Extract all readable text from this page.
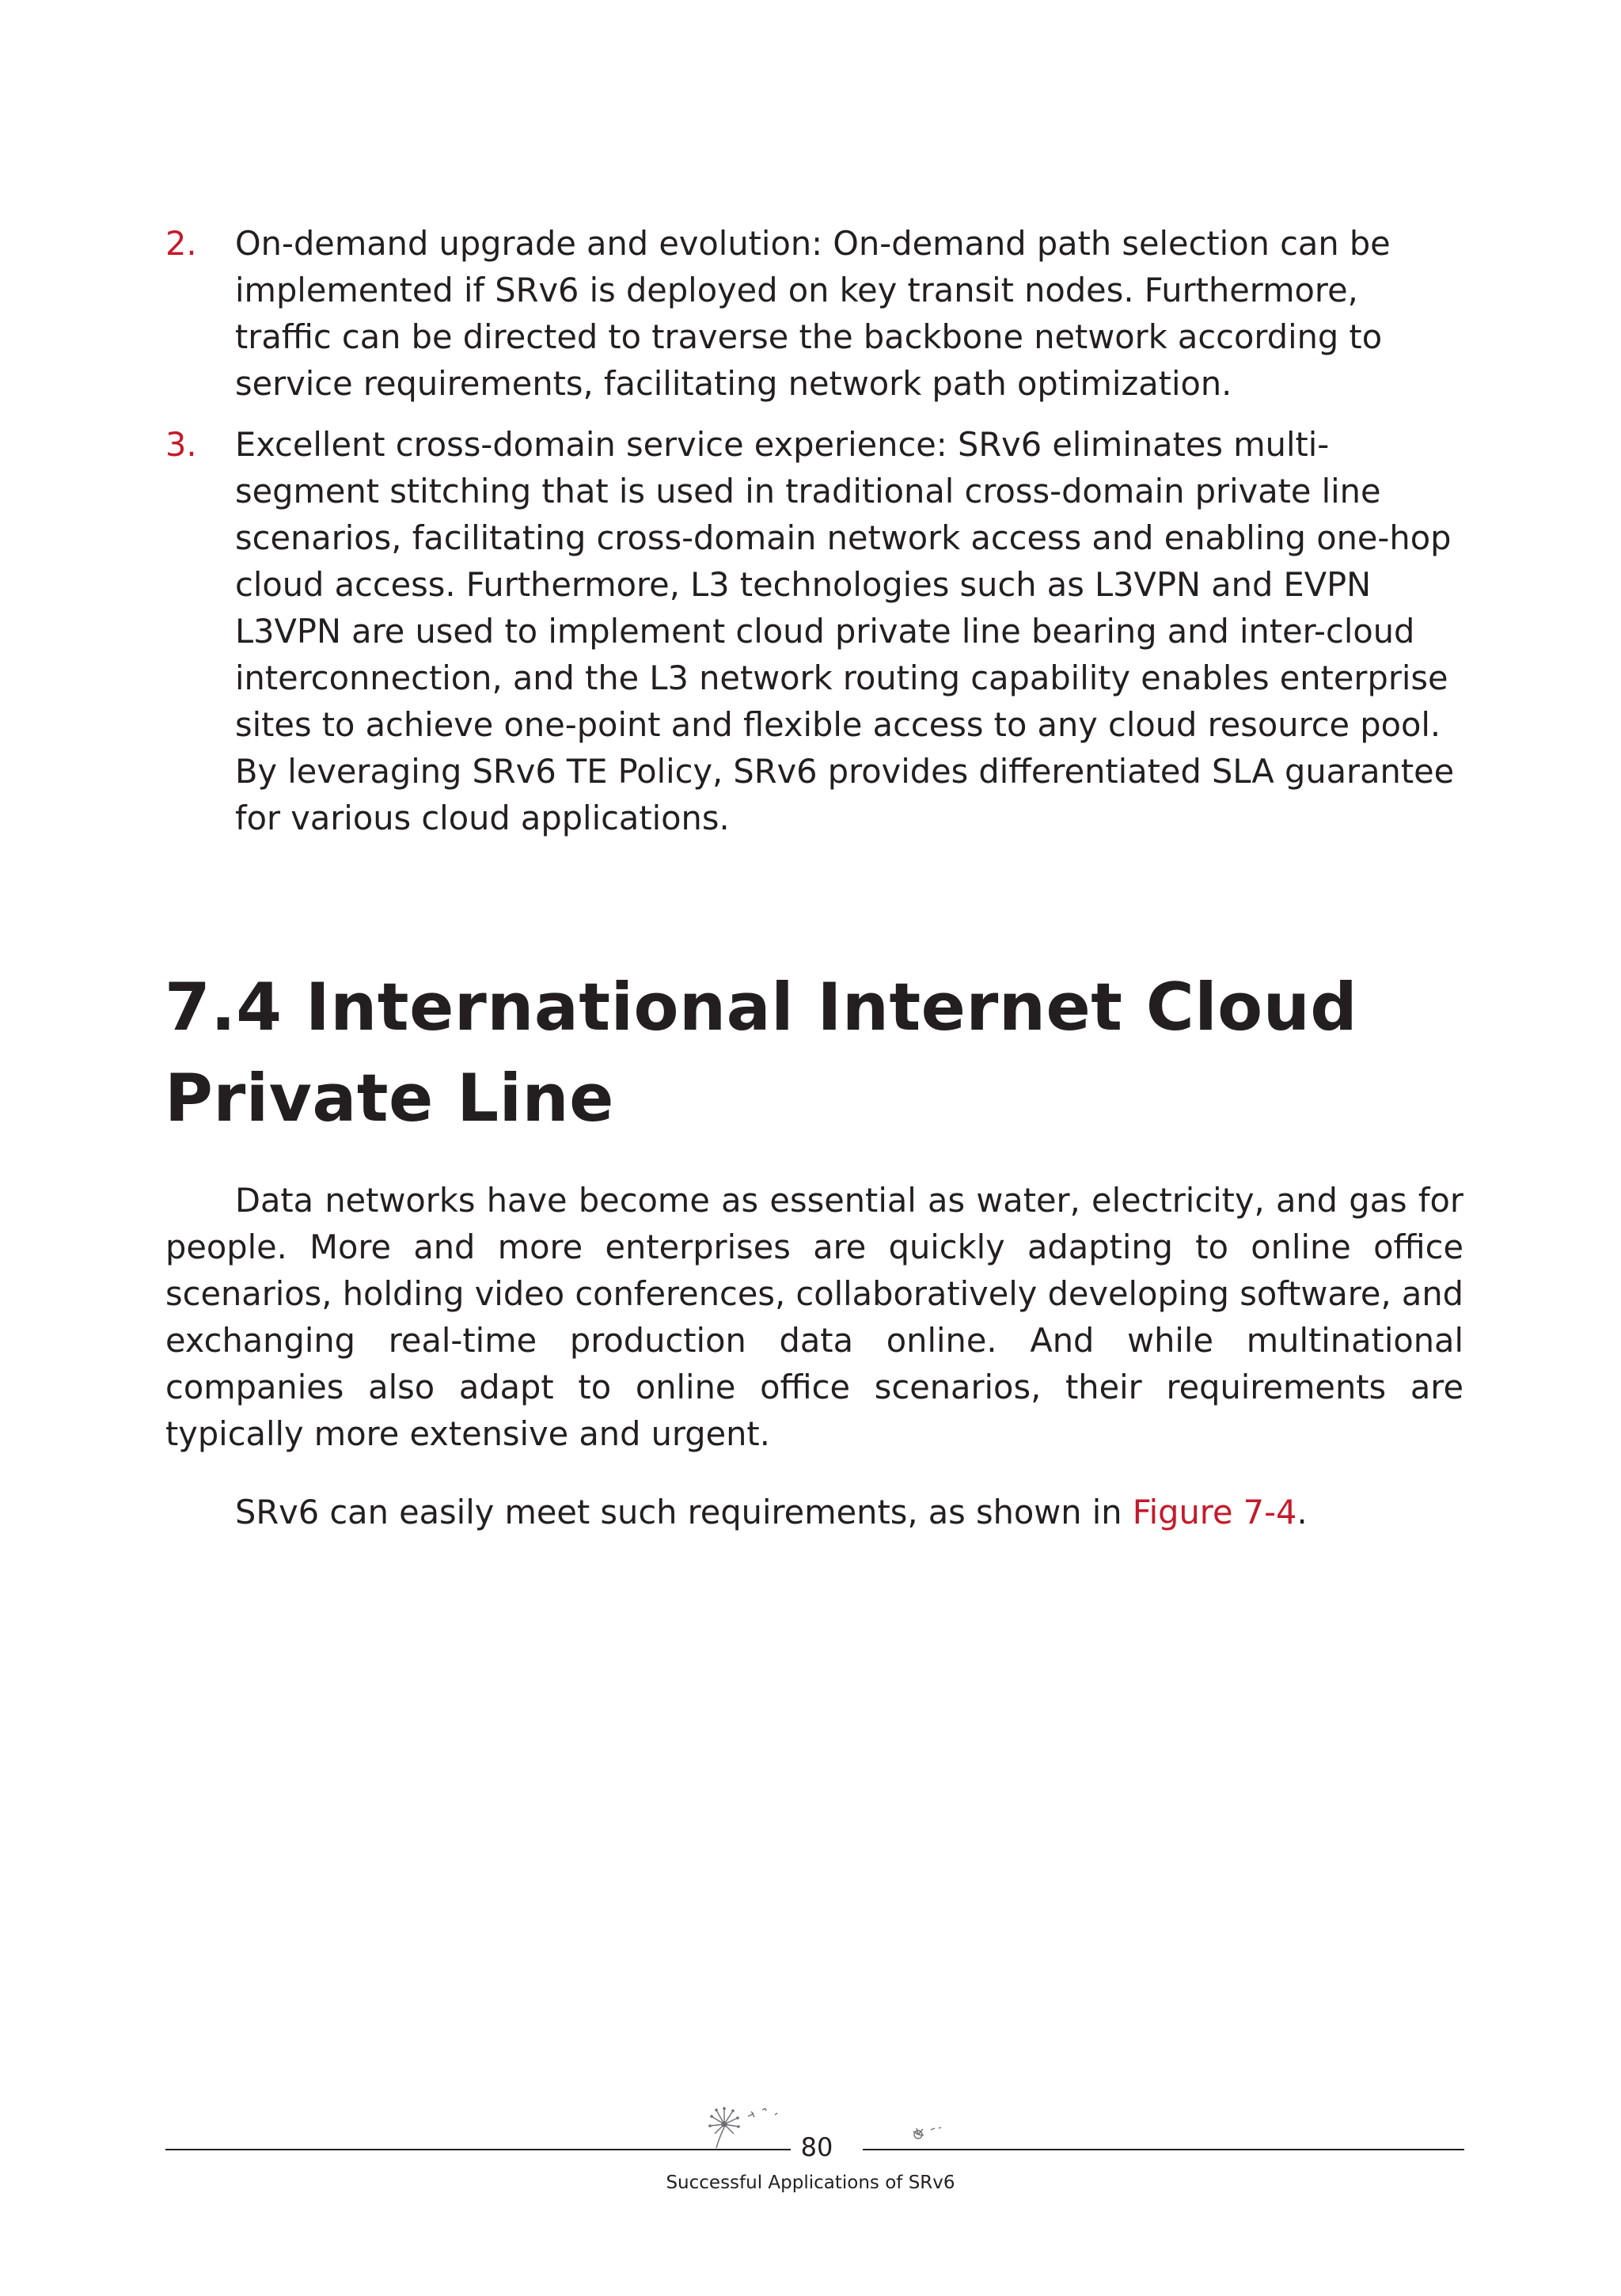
2. On-demand upgrade and evolution: On-demand path selection can be implemented if SRv6 is deployed on key transit nodes. Furthermore, traffic can be directed to traverse the backbone network according to service requirements, facilitating network path optimization.
3. Excellent cross-domain service experience: SRv6 eliminates multi-segment stitching that is used in traditional cross-domain private line scenarios, facilitating cross-domain network access and enabling one-hop cloud access. Furthermore, L3 technologies such as L3VPN and EVPN L3VPN are used to implement cloud private line bearing and inter-cloud interconnection, and the L3 network routing capability enables enterprise sites to achieve one-point and flexible access to any cloud resource pool. By leveraging SRv6 TE Policy, SRv6 provides differentiated SLA guarantee for various cloud applications.
7.4 International Internet Cloud Private Line

Data networks have become as essential as water, electricity, and gas for people. More and more enterprises are quickly adapting to online office scenarios, holding video conferences, collaboratively developing software, and exchanging real-time production data online. And while multinational companies also adapt to online office scenarios, their requirements are typically more extensive and urgent.

SRv6 can easily meet such requirements, as shown in Figure 7-4.

80
Successful Applications of SRv6
